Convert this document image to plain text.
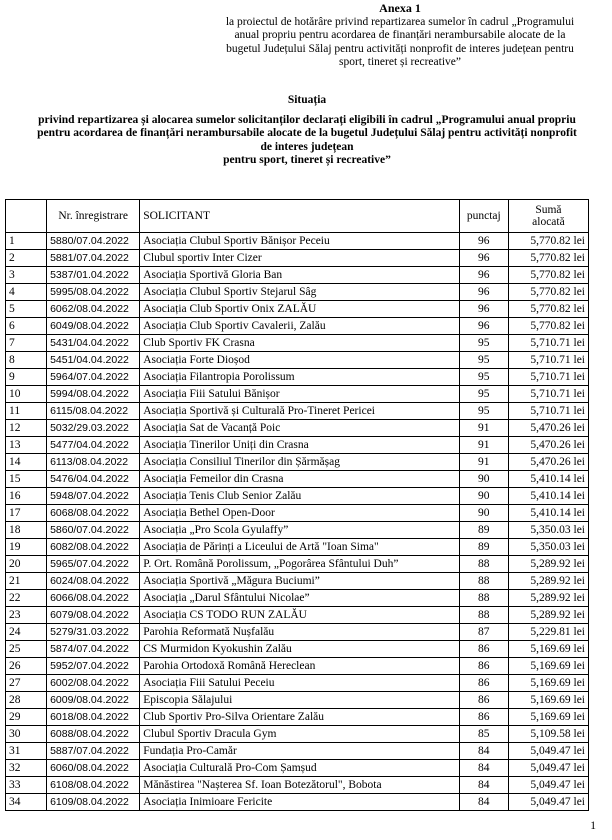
Anexa 1
la proiectul de hotărâre privind repartizarea sumelor în cadrul „Programului
anual propriu pentru acordarea de finanțări nerambursabile alocate de la
bugetul Județului Sălaj pentru activități nonprofit de interes județean pentru
sport, tineret și recreative”
Situația
privind repartizarea și alocarea sumelor solicitanților declarați eligibili în cadrul „Programului anual propriu
pentru acordarea de finanțări nerambursabile alocate de la bugetul Județului Sălaj pentru activități nonprofit
de interes județean
pentru sport, tineret și recreative”
	Nr. înregistrare	SOLICITANT	punctaj	Sumă
alocată

1	5880/07.04.2022	Asociația Clubul Sportiv Bănișor Peceiu	96	5,770.82 lei
2	5881/07.04.2022	Clubul sportiv Inter Cizer	96	5,770.82 lei
3	5387/01.04.2022	Asociația Sportivă Gloria Ban	96	5,770.82 lei
4	5995/08.04.2022	Asociația Clubul Sportiv Stejarul Sâg	96	5,770.82 lei
5	6062/08.04.2022	Asociația Club Sportiv Onix ZALĂU	96	5,770.82 lei
6	6049/08.04.2022	Asociația Club Sportiv Cavalerii, Zalău	96	5,770.82 lei
7	5431/04.04.2022	Club Sportiv FK Crasna	95	5,710.71 lei
8	5451/04.04.2022	Asociația Forte Dioșod	95	5,710.71 lei
9	5964/07.04.2022	Asociația Filantropia Porolissum	95	5,710.71 lei
10	5994/08.04.2022	Asociația Fiii Satului Bănișor	95	5,710.71 lei
11	6115/08.04.2022	Asociația Sportivă și Culturală Pro-Tineret Pericei	95	5,710.71 lei
12	5032/29.03.2022	Asociația Sat de Vacanță Poic	91	5,470.26 lei
13	5477/04.04.2022	Asociația Tinerilor Uniți din Crasna	91	5,470.26 lei
14	6113/08.04.2022	Asociația Consiliul Tinerilor din Șărmășag	91	5,470.26 lei
15	5476/04.04.2022	Asociația Femeilor din Crasna	90	5,410.14 lei
16	5948/07.04.2022	Asociația Tenis Club Senior Zalău	90	5,410.14 lei
17	6068/08.04.2022	Asociația Bethel Open-Door	90	5,410.14 lei
18	5860/07.04.2022	Asociația „Pro Scola Gyulaffy”	89	5,350.03 lei
19	6082/08.04.2022	Asociația de Părinți a Liceului de Artă "Ioan Sima"	89	5,350.03 lei
20	5965/07.04.2022	P. Ort. Română Porolissum, „Pogorârea Sfântului Duh”	88	5,289.92 lei
21	6024/08.04.2022	Asociația Sportivă „Măgura Buciumi”	88	5,289.92 lei
22	6066/08.04.2022	Asociația „Darul Sfântului Nicolae”	88	5,289.92 lei
23	6079/08.04.2022	Asociația CS TODO RUN ZALĂU	88	5,289.92 lei
24	5279/31.03.2022	Parohia Reformată Nușfalău	87	5,229.81 lei
25	5874/07.04.2022	CS Murmidon Kyokushin Zalău	86	5,169.69 lei
26	5952/07.04.2022	Parohia Ortodoxă Română Hereclean	86	5,169.69 lei
27	6002/08.04.2022	Asociația Fiii Satului Peceiu	86	5,169.69 lei
28	6009/08.04.2022	Episcopia Sălajului	86	5,169.69 lei
29	6018/08.04.2022	Club Sportiv Pro-Silva Orientare Zalău	86	5,169.69 lei
30	6088/08.04.2022	Clubul Sportiv Dracula Gym	85	5,109.58 lei
31	5887/07.04.2022	Fundația Pro-Camăr	84	5,049.47 lei
32	6060/08.04.2022	Asociația Culturală Pro-Com Șamșud	84	5,049.47 lei
33	6108/08.04.2022	Mănăstirea "Nașterea Sf. Ioan Botezătorul", Bobota	84	5,049.47 lei
34	6109/08.04.2022	Asociația Inimioare Fericite	84	5,049.47 lei
1
